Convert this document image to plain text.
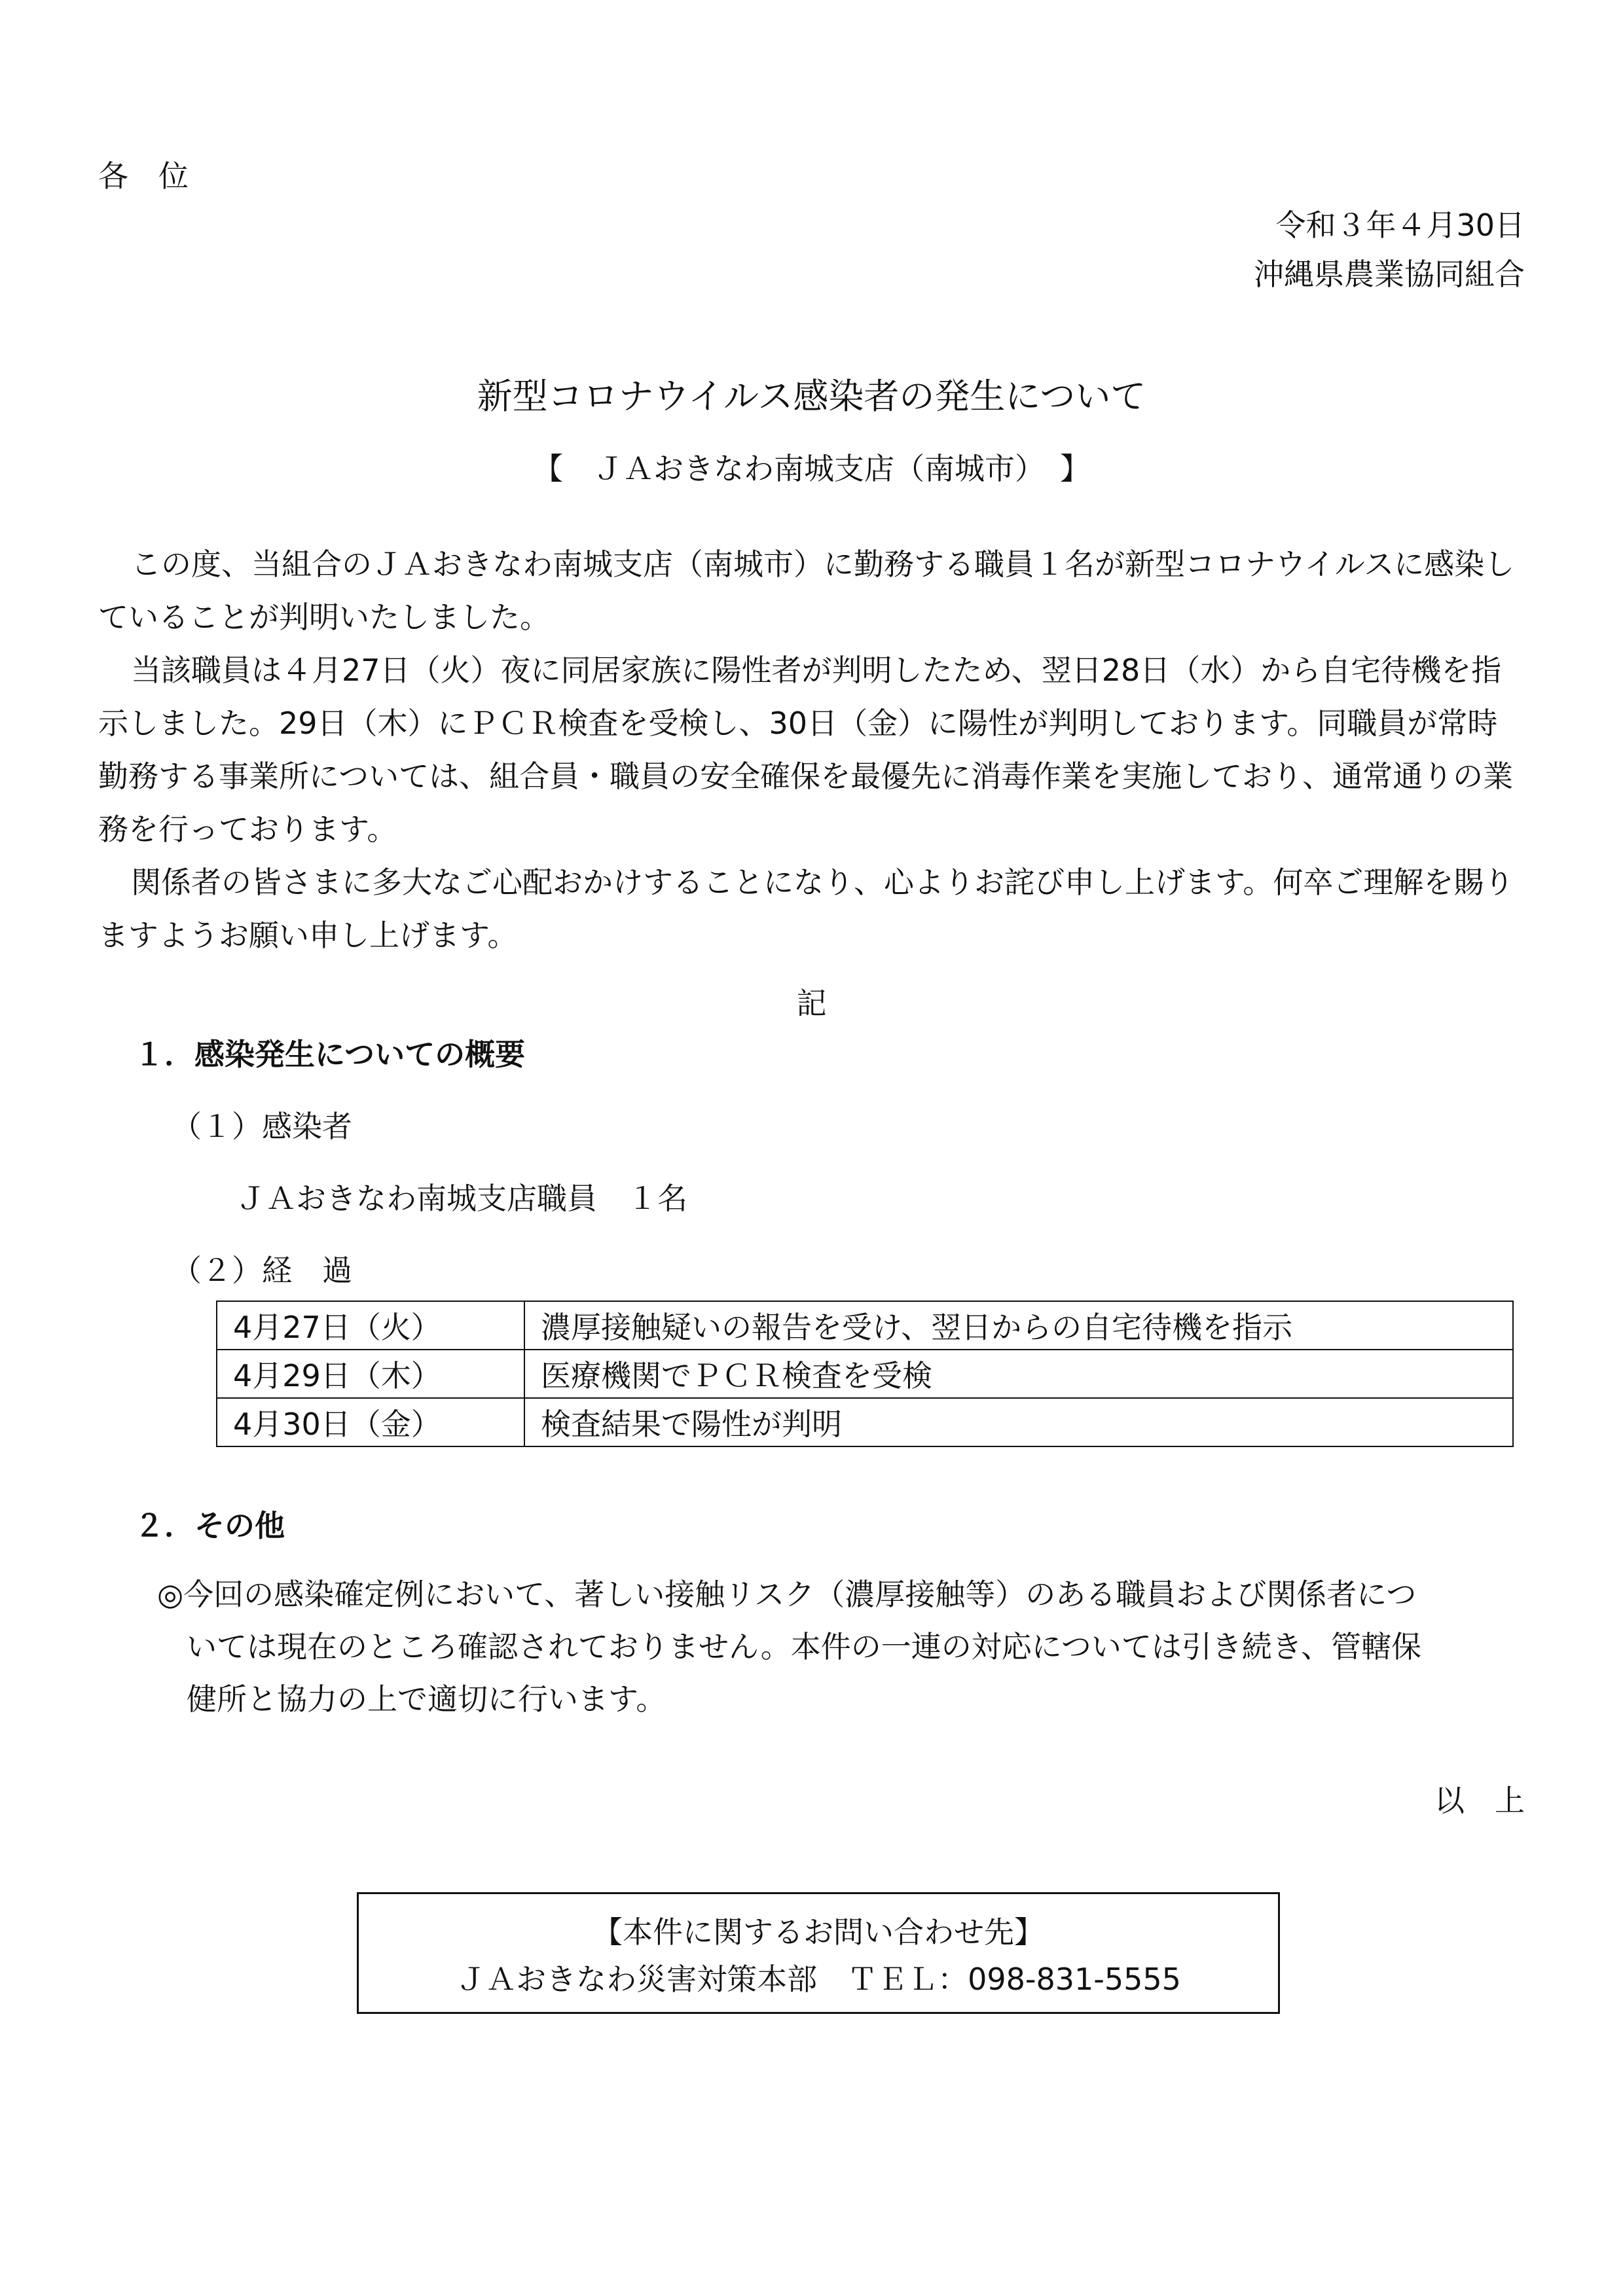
各　位
令和３年４月30日
沖縄県農業協同組合
新型コロナウイルス感染者の発生について
【　ＪＡおきなわ南城支店（南城市）　】

この度、当組合のＪＡおきなわ南城支店（南城市）に勤務する職員１名が新型コロナウイルスに感染していることが判明いたしました。

当該職員は４月27日（火）夜に同居家族に陽性者が判明したため、翌日28日（水）から自宅待機を指示しました。29日（木）にＰＣＲ検査を受検し、30日（金）に陽性が判明しております。同職員が常時勤務する事業所については、組合員・職員の安全確保を最優先に消毒作業を実施しており、通常通りの業務を行っております。

関係者の皆さまに多大なご心配おかけすることになり、心よりお詫び申し上げます。何卒ご理解を賜りますようお願い申し上げます。

記
１．感染発生についての概要
（１）感染者
ＪＡおきなわ南城支店職員　１名
（２）経　過
4月27日（火）	濃厚接触疑いの報告を受け、翌日からの自宅待機を指示
4月29日（木）	医療機関でＰＣＲ検査を受検
4月30日（金）	検査結果で陽性が判明
２．その他
◎今回の感染確定例において、著しい接触リスク（濃厚接触等）のある職員および関係者につ
いては現在のところ確認されておりません。本件の一連の対応については引き続き、管轄保
健所と協力の上で適切に行います。
以　上
【本件に関するお問い合わせ先】
ＪＡおきなわ災害対策本部　ＴＥＬ：098-831-5555
